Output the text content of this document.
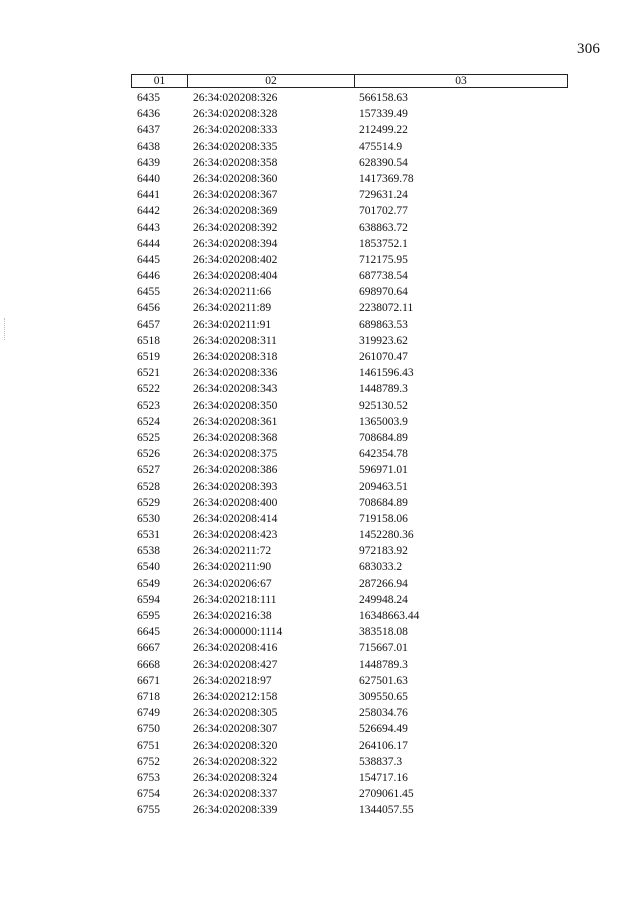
306
01	02	03
6435	26:34:020208:326	566158.63
6436	26:34:020208:328	157339.49
6437	26:34:020208:333	212499.22
6438	26:34:020208:335	475514.9
6439	26:34:020208:358	628390.54
6440	26:34:020208:360	1417369.78
6441	26:34:020208:367	729631.24
6442	26:34:020208:369	701702.77
6443	26:34:020208:392	638863.72
6444	26:34:020208:394	1853752.1
6445	26:34:020208:402	712175.95
6446	26:34:020208:404	687738.54
6455	26:34:020211:66	698970.64
6456	26:34:020211:89	2238072.11
6457	26:34:020211:91	689863.53
6518	26:34:020208:311	319923.62
6519	26:34:020208:318	261070.47
6521	26:34:020208:336	1461596.43
6522	26:34:020208:343	1448789.3
6523	26:34:020208:350	925130.52
6524	26:34:020208:361	1365003.9
6525	26:34:020208:368	708684.89
6526	26:34:020208:375	642354.78
6527	26:34:020208:386	596971.01
6528	26:34:020208:393	209463.51
6529	26:34:020208:400	708684.89
6530	26:34:020208:414	719158.06
6531	26:34:020208:423	1452280.36
6538	26:34:020211:72	972183.92
6540	26:34:020211:90	683033.2
6549	26:34:020206:67	287266.94
6594	26:34:020218:111	249948.24
6595	26:34:020216:38	16348663.44
6645	26:34:000000:1114	383518.08
6667	26:34:020208:416	715667.01
6668	26:34:020208:427	1448789.3
6671	26:34:020218:97	627501.63
6718	26:34:020212:158	309550.65
6749	26:34:020208:305	258034.76
6750	26:34:020208:307	526694.49
6751	26:34:020208:320	264106.17
6752	26:34:020208:322	538837.3
6753	26:34:020208:324	154717.16
6754	26:34:020208:337	2709061.45
6755	26:34:020208:339	1344057.55
